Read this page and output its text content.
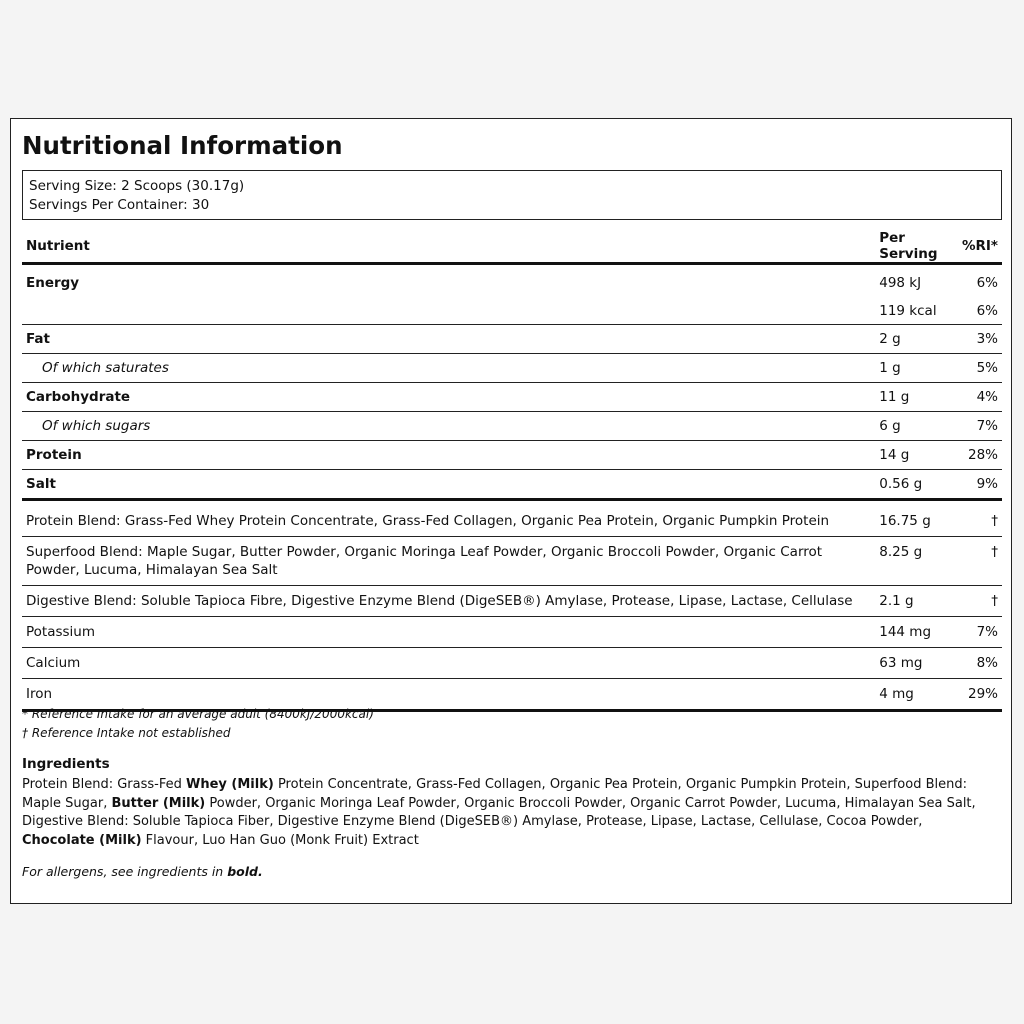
Nutritional Information
Serving Size: 2 Scoops (30.17g)
Servings Per Container: 30
Nutrient	Per Serving	%RI*
Energy	498 kJ	6%
	119 kcal	6%
Fat	2 g	3%
Of which saturates	1 g	5%
Carbohydrate	11 g	4%
Of which sugars	6 g	7%
Protein	14 g	28%
Salt	0.56 g	9%
Protein Blend: Grass-Fed Whey Protein Concentrate, Grass-Fed Collagen, Organic Pea Protein, Organic Pumpkin Protein	16.75 g	†
Superfood Blend: Maple Sugar, Butter Powder, Organic Moringa Leaf Powder, Organic Broccoli Powder, Organic Carrot Powder, Lucuma, Himalayan Sea Salt	8.25 g	†
Digestive Blend: Soluble Tapioca Fibre, Digestive Enzyme Blend (DigeSEB®) Amylase, Protease, Lipase, Lactase, Cellulase	2.1 g	†
Potassium	144 mg	7%
Calcium	63 mg	8%
Iron	4 mg	29%
* Reference Intake for an average adult (8400kJ/2000kcal)
† Reference Intake not established
Ingredients
Protein Blend: Grass-Fed Whey (Milk) Protein Concentrate, Grass-Fed Collagen, Organic Pea Protein, Organic Pumpkin Protein, Superfood Blend: Maple Sugar, Butter (Milk) Powder, Organic Moringa Leaf Powder, Organic Broccoli Powder, Organic Carrot Powder, Lucuma, Himalayan Sea Salt, Digestive Blend: Soluble Tapioca Fiber, Digestive Enzyme Blend (DigeSEB®) Amylase, Protease, Lipase, Lactase, Cellulase, Cocoa Powder, Chocolate (Milk) Flavour, Luo Han Guo (Monk Fruit) Extract
For allergens, see ingredients in bold.
